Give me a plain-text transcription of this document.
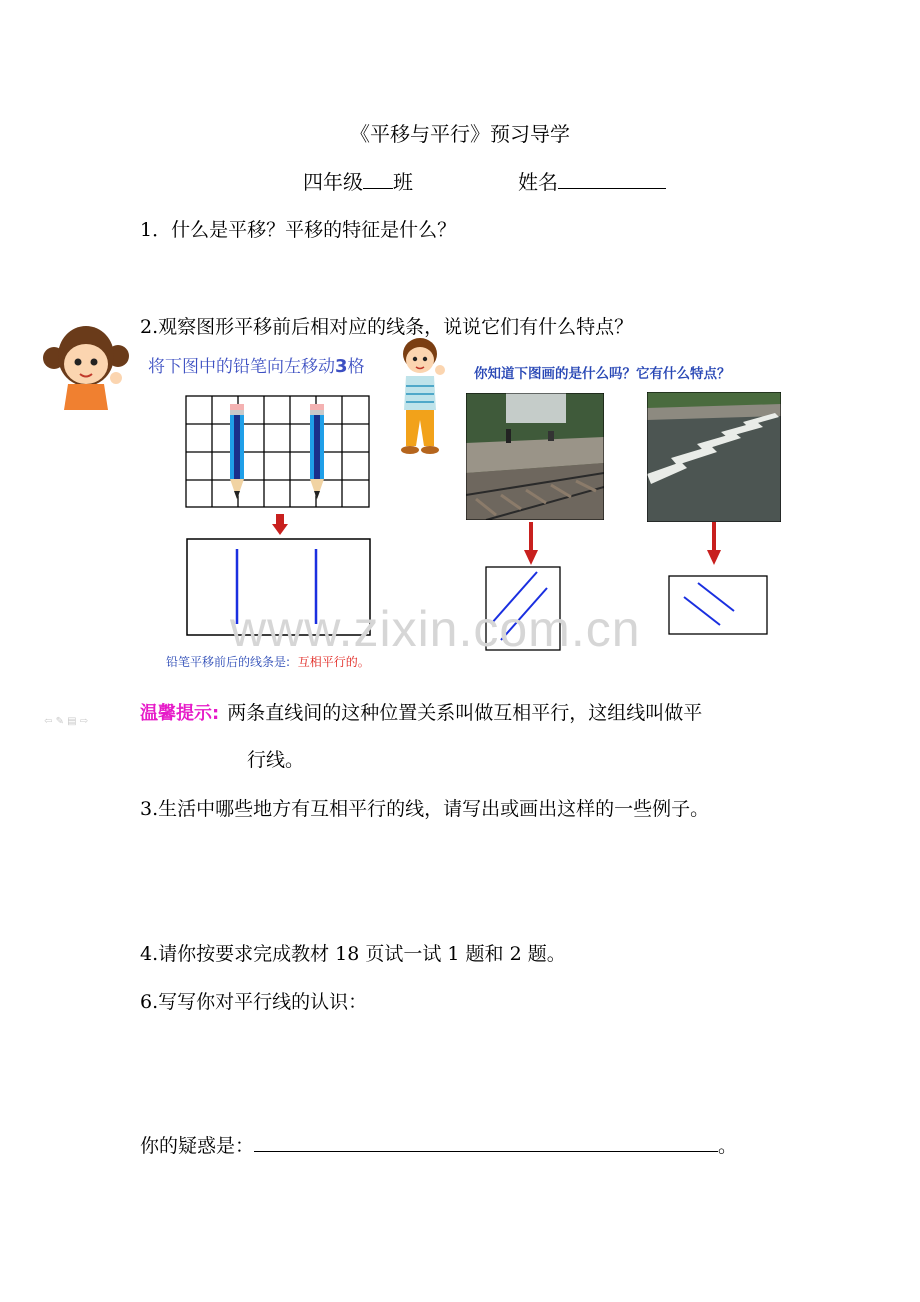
《平移与平行》预习导学
四年级 班	姓名
1．什么是平移？平移的特征是什么？
2.观察图形平移前后相对应的线条，说说它们有什么特点？
将下图中的铅笔向左移动3格
铅笔平移前后的线条是: 互相平行的。
你知道下图画的是什么吗？它有什么特点？
www.zixin.com.cn
⇦ ✎ ▤ ⇨	温馨提示: 两条直线间的这种位置关系叫做互相平行，这组线叫做平
行线。
3.生活中哪些地方有互相平行的线，请写出或画出这样的一些例子。
4.请你按要求完成教材 18 页试一试 1 题和 2 题。
6.写写你对平行线的认识：
你的疑惑是：	。
